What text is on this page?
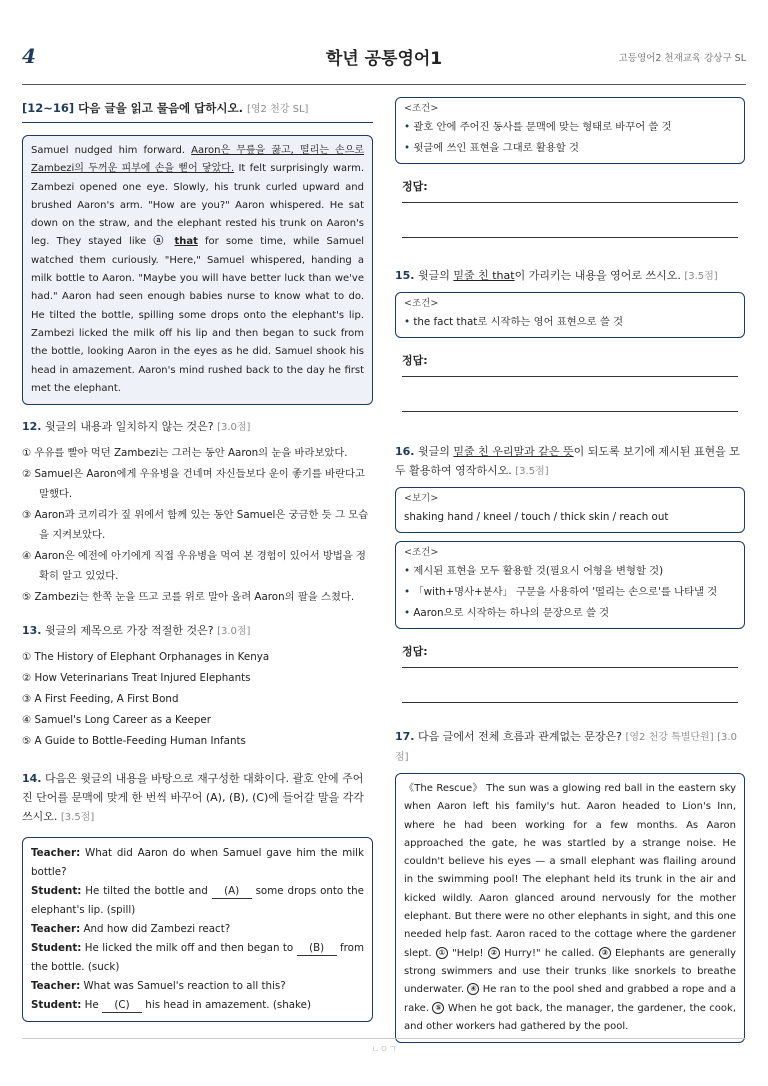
4	학년 공통영어1	고등영어2 천재교육 강상구 SL
[12~16] 다음 글을 읽고 물음에 답하시오. [영2 천강 SL]
Samuel nudged him forward. Aaron은 무릎을 꿇고, 떨리는 손으로 Zambezi의 두꺼운 피부에 손을 뻗어 닿았다. It felt surprisingly warm. Zambezi opened one eye. Slowly, his trunk curled upward and brushed Aaron's arm. "How are you?" Aaron whispered. He sat down on the straw, and the elephant rested his trunk on Aaron's leg. They stayed like ⓐ that for some time, while Samuel watched them curiously. "Here," Samuel whispered, handing a milk bottle to Aaron. "Maybe you will have better luck than we've had." Aaron had seen enough babies nurse to know what to do. He tilted the bottle, spilling some drops onto the elephant's lip. Zambezi licked the milk off his lip and then began to suck from the bottle, looking Aaron in the eyes as he did. Samuel shook his head in amazement. Aaron's mind rushed back to the day he first met the elephant.
12. 윗글의 내용과 일치하지 않는 것은? [3.0점]
① 우유를 빨아 먹던 Zambezi는 그러는 동안 Aaron의 눈을 바라보았다.
② Samuel은 Aaron에게 우유병을 건네며 자신들보다 운이 좋기를 바란다고 말했다.
③ Aaron과 코끼리가 짚 위에서 함께 있는 동안 Samuel은 궁금한 듯 그 모습을 지켜보았다.
④ Aaron은 예전에 아기에게 직접 우유병을 먹여 본 경험이 있어서 방법을 정확히 알고 있었다.
⑤ Zambezi는 한쪽 눈을 뜨고 코를 위로 말아 올려 Aaron의 팔을 스쳤다.
13. 윗글의 제목으로 가장 적절한 것은? [3.0점]
① The History of Elephant Orphanages in Kenya
② How Veterinarians Treat Injured Elephants
③ A First Feeding, A First Bond
④ Samuel's Long Career as a Keeper
⑤ A Guide to Bottle-Feeding Human Infants
14. 다음은 윗글의 내용을 바탕으로 재구성한 대화이다. 괄호 안에 주어진 단어를 문맥에 맞게 한 번씩 바꾸어 (A), (B), (C)에 들어갈 말을 각각 쓰시오. [3.5점]
Teacher: What did Aaron do when Samuel gave him the milk bottle?
Student: He tilted the bottle and (A) some drops onto the elephant's lip. (spill)
Teacher: And how did Zambezi react?
Student: He licked the milk off and then began to (B) from the bottle. (suck)
Teacher: What was Samuel's reaction to all this?
Student: He (C) his head in amazement. (shake)
<조건>
• 괄호 안에 주어진 동사를 문맥에 맞는 형태로 바꾸어 쓸 것
• 윗글에 쓰인 표현을 그대로 활용할 것
정답:
15. 윗글의 밑줄 친 that이 가리키는 내용을 영어로 쓰시오. [3.5점]
<조건>
• the fact that로 시작하는 영어 표현으로 쓸 것
정답:
16. 윗글의 밑줄 친 우리말과 같은 뜻이 되도록 보기에 제시된 표현을 모두 활용하여 영작하시오. [3.5점]
<보기>
shaking hand / kneel / touch / thick skin / reach out
<조건>
• 제시된 표현을 모두 활용할 것(필요시 어형을 변형할 것)
• 「with+명사+분사」 구문을 사용하여 '떨리는 손으로'를 나타낼 것
• Aaron으로 시작하는 하나의 문장으로 쓸 것
정답:
17. 다음 글에서 전체 흐름과 관계없는 문장은? [영2 천강 특별단원] [3.0점]
《The Rescue》 The sun was a glowing red ball in the eastern sky when Aaron left his family's hut. Aaron headed to Lion's Inn, where he had been working for a few months. As Aaron approached the gate, he was startled by a strange noise. He couldn't believe his eyes — a small elephant was flailing around in the swimming pool! The elephant held its trunk in the air and kicked wildly. Aaron glanced around nervously for the mother elephant. But there were no other elephants in sight, and this one needed help fast. Aaron raced to the cottage where the gardener slept. ① "Help! ② Hurry!" he called. ③ Elephants are generally strong swimmers and use their trunks like snorkels to breathe underwater. ④ He ran to the pool shed and grabbed a rope and a rake. ⑤ When he got back, the manager, the gardener, the cook, and other workers had gathered by the pool.
ㄴㅇㄱ
